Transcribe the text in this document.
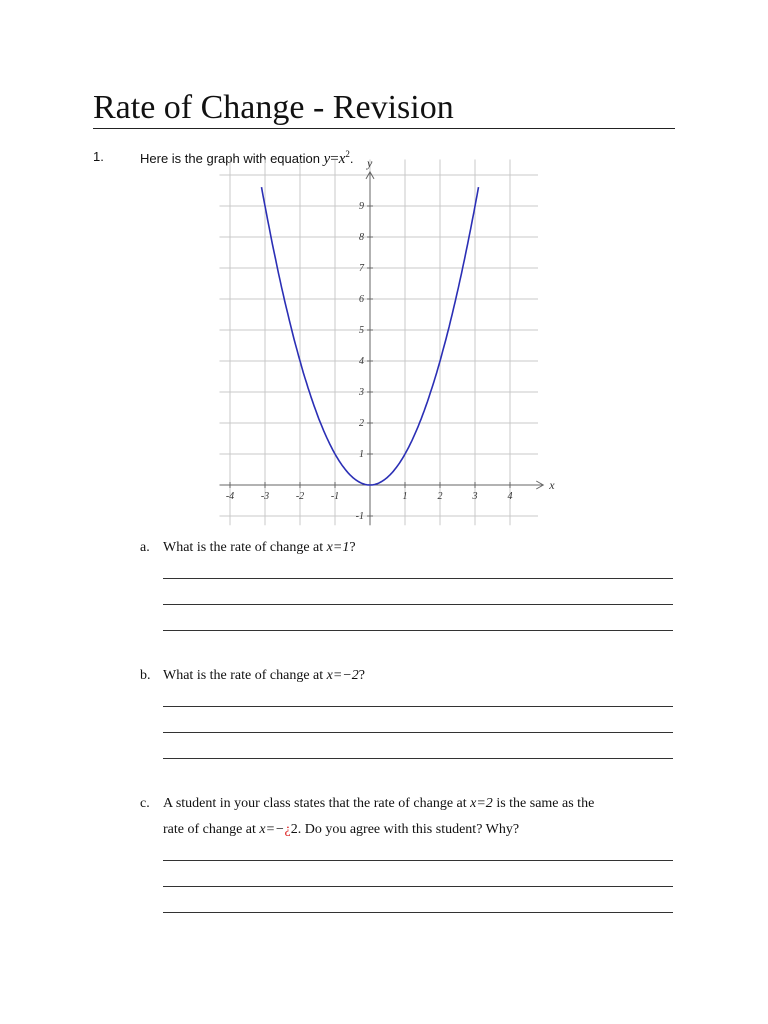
Rate of Change - Revision
1.	Here is the graph with equation $y=x^2$.
x
y
-4	-3	-2	-1	1	2	3	4
9
8
7
6
5
4
3
2
1
-1
a. What is the rate of change at x=1?
b. What is the rate of change at x=−2?
c. A student in your class states that the rate of change at x=2 is the same as the
rate of change at x=−¿2. Do you agree with this student? Why?
